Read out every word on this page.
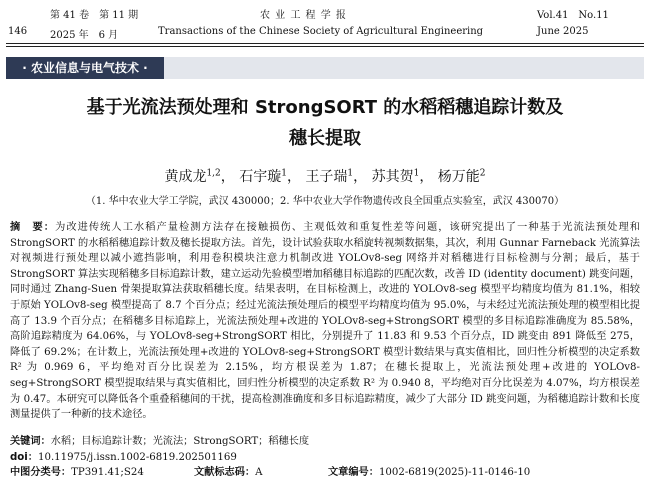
第 41 卷　第 11 期	农 业 工 程 学 报	Vol.41　No.11
146 2025 年　6 月	Transactions of the Chinese Society of Agricultural Engineering	June 2025
· 农业信息与电气技术 ·
基于光流法预处理和 StrongSORT 的水稻稻穗追踪计数及
穗长提取
黄成龙$^{1,2}$， 石宇璇$^1$， 王子瑞$^1$， 苏其贺$^1$， 杨万能$^2$
（1. 华中农业大学工学院，武汉 430000；2. 华中农业大学作物遗传改良全国重点实验室，武汉 430070）
摘　要：为改进传统人工水稻产量检测方法存在接触损伤、主观低效和重复性差等问题，该研究提出了一种基于光流法预处理和 StrongSORT 的水稻稻穗追踪计数及穗长提取方法。首先，设计试验获取水稻旋转视频数据集，其次，利用 Gunnar Farneback 光流算法对视频进行预处理以减小遮挡影响，利用卷积模块注意力机制改进 YOLOv8-seg 网络并对稻穗进行目标检测与分割；最后，基于 StrongSORT 算法实现稻穗多目标追踪计数，建立运动先验模型增加稻穗目标追踪的匹配次数，改善 ID (identity document) 跳变问题，同时通过 Zhang-Suen 骨架提取算法获取稻穗长度。结果表明，在目标检测上，改进的 YOLOv8-seg 模型平均精度均值为 81.1%，相较于原始 YOLOv8-seg 模型提高了 8.7 个百分点；经过光流法预处理后的模型平均精度均值为 95.0%，与未经过光流法预处理的模型相比提高了 13.9 个百分点；在稻穗多目标追踪上，光流法预处理+改进的 YOLOv8-seg+StrongSORT 模型的多目标追踪准确度为 85.58%，高阶追踪精度为 64.06%，与 YOLOv8-seg+StrongSORT 相比，分别提升了 11.83 和 9.53 个百分点，ID 跳变由 891 降低至 275，降低了 69.2%；在计数上，光流法预处理+改进的 YOLOv8-seg+StrongSORT 模型计数结果与真实值相比，回归性分析模型的决定系数 R² 为 0.969 6，平均绝对百分比误差为 2.15%，均方根误差为 1.87；在穗长提取上，光流法预处理+改进的 YOLOv8-seg+StrongSORT 模型提取结果与真实值相比，回归性分析模型的决定系数 R² 为 0.940 8，平均绝对百分比误差为 4.07%，均方根误差为 0.47。本研究可以降低各个重叠稻穗间的干扰，提高检测准确度和多目标追踪精度，减少了大部分 ID 跳变问题，为稻穗追踪计数和长度测量提供了一种新的技术途径。
关键词：水稻；目标追踪计数；光流法；StrongSORT；稻穗长度
doi：10.11975/j.issn.1002-6819.202501169
中图分类号：TP391.41;S24	文献标志码：A	文章编号：1002-6819(2025)-11-0146-10
